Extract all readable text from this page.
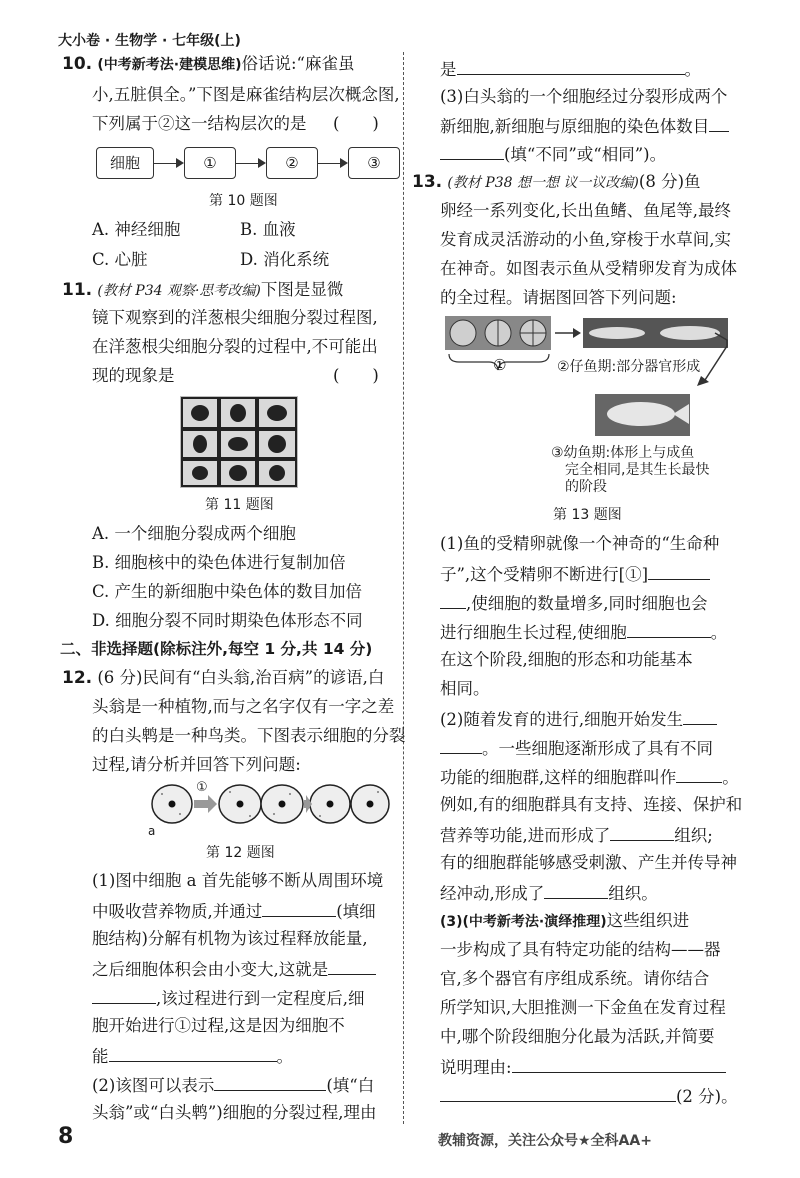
大小卷 · 生物学 · 七年级(上)
10. (中考新考法·建模思维)俗话说:“麻雀虽
小,五脏俱全。”下图是麻雀结构层次概念图,
下列属于②这一结构层次的是 (　　)
细胞	①	②	③
第 10 题图
A. 神经细胞	B. 血液
C. 心脏	D. 消化系统
11. (教材 P34 观察·思考改编)下图是显微
镜下观察到的洋葱根尖细胞分裂过程图,
在洋葱根尖细胞分裂的过程中,不可能出
现的现象是	(　　)
第 11 题图
A. 一个细胞分裂成两个细胞
B. 细胞核中的染色体进行复制加倍
C. 产生的新细胞中染色体的数目加倍
D. 细胞分裂不同时期染色体形态不同
二、非选择题(除标注外,每空 1 分,共 14 分)
12. (6 分)民间有“白头翁,治百病”的谚语,白
头翁是一种植物,而与之名字仅有一字之差
的白头鹎是一种鸟类。下图表示细胞的分裂
过程,请分析并回答下列问题:
①
a
第 12 题图
(1)图中细胞 a 首先能够不断从周围环境
中吸收营养物质,并通过	(填细
胞结构)分解有机物为该过程释放能量,
之后细胞体积会由小变大,这就是
,该过程进行到一定程度后,细
胞开始进行①过程,这是因为细胞不
能	。
(2)该图可以表示	(填“白
头翁”或“白头鹎”)细胞的分裂过程,理由
8
是	。
(3)白头翁的一个细胞经过分裂形成两个
新细胞,新细胞与原细胞的染色体数目
(填“不同”或“相同”)。
13. (教材 P38 想一想 议一议改编)(8 分)鱼
卵经一系列变化,长出鱼鳍、鱼尾等,最终
发育成灵活游动的小鱼,穿梭于水草间,实
在神奇。如图表示鱼从受精卵发育为成体
的全过程。请据图回答下列问题:
①	②仔鱼期:部分器官形成
③幼鱼期:体形上与成鱼
完全相同,是其生长最快
的阶段
第 13 题图
(1)鱼的受精卵就像一个神奇的“生命种
子”,这个受精卵不断进行[①]
,使细胞的数量增多,同时细胞也会
进行细胞生长过程,使细胞	。
在这个阶段,细胞的形态和功能基本
相同。
(2)随着发育的进行,细胞开始发生
。一些细胞逐渐形成了具有不同
功能的细胞群,这样的细胞群叫作	。
例如,有的细胞群具有支持、连接、保护和
营养等功能,进而形成了	组织;
有的细胞群能够感受刺激、产生并传导神
经冲动,形成了	组织。
(3)(中考新考法·演绎推理)这些组织进
一步构成了具有特定功能的结构——器
官,多个器官有序组成系统。请你结合
所学知识,大胆推测一下金鱼在发育过程
中,哪个阶段细胞分化最为活跃,并简要
说明理由:
(2 分)。
教辅资源，关注公众号★全科AA+
